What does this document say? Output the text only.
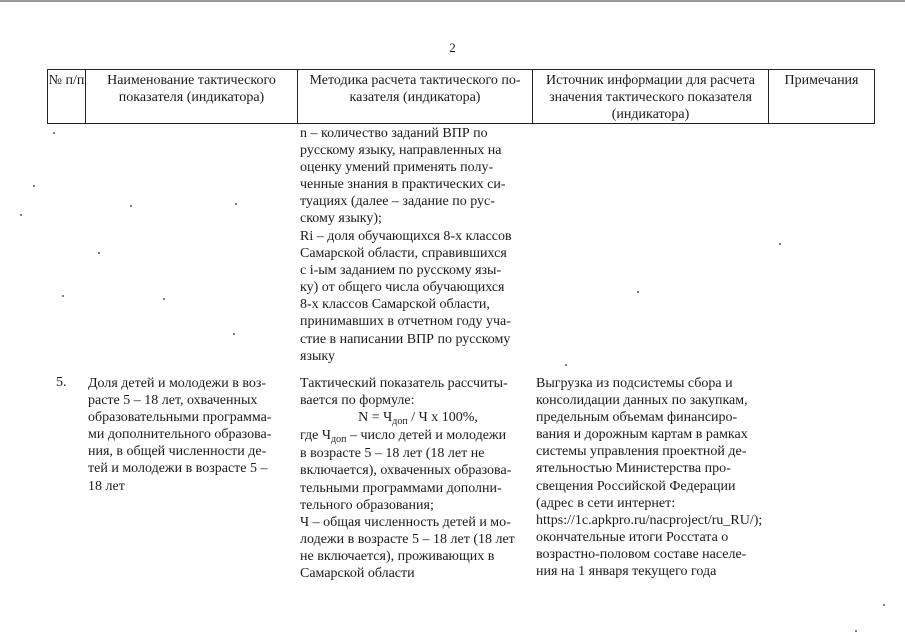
2
№ п/п	Наименование тактического показателя (индикатора)
Методика расчета тактического по- казателя (индикатора)
Источник информации для расчета значения тактического показателя (индикатора)
Примечания
n – количество заданий ВПР по
русскому языку, направленных на
оценку умений применять полу-
ченные знания в практических си-
туациях (далее – задание по рус-
скому языку);
Ri – доля обучающихся 8-х классов
Самарской области, справившихся
с i-ым заданием по русскому язы-
ку) от общего числа обучающихся
8-х классов Самарской области,
принимавших в отчетном году уча-
стие в написании ВПР по русскому
языку
5.	Доля детей и молодежи в воз-
расте 5 – 18 лет, охваченных
образовательными программа-
ми дополнительного образова-
ния, в общей численности де-
тей и молодежи в возрасте 5 –
18 лет
Тактический показатель рассчиты-
вается по формуле:
$N = Ч_{доп} / Ч$ х 100%,
где $Ч_{доп}$ – число детей и молодежи
в возрасте 5 – 18 лет (18 лет не
включается), охваченных образова-
тельными программами дополни-
тельного образования;
Ч – общая численность детей и мо-
лодежи в возрасте 5 – 18 лет (18 лет
не включается), проживающих в
Самарской области
Выгрузка из подсистемы сбора и
консолидации данных по закупкам,
предельным объемам финансиро-
вания и дорожным картам в рамках
системы управления проектной де-
ятельностью Министерства про-
свещения Российской Федерации
(адрес в сети интернет:
https://1c.apkpro.ru/nacproject/ru_RU/);
окончательные итоги Росстата о
возрастно-половом составе населе-
ния на 1 января текущего года
